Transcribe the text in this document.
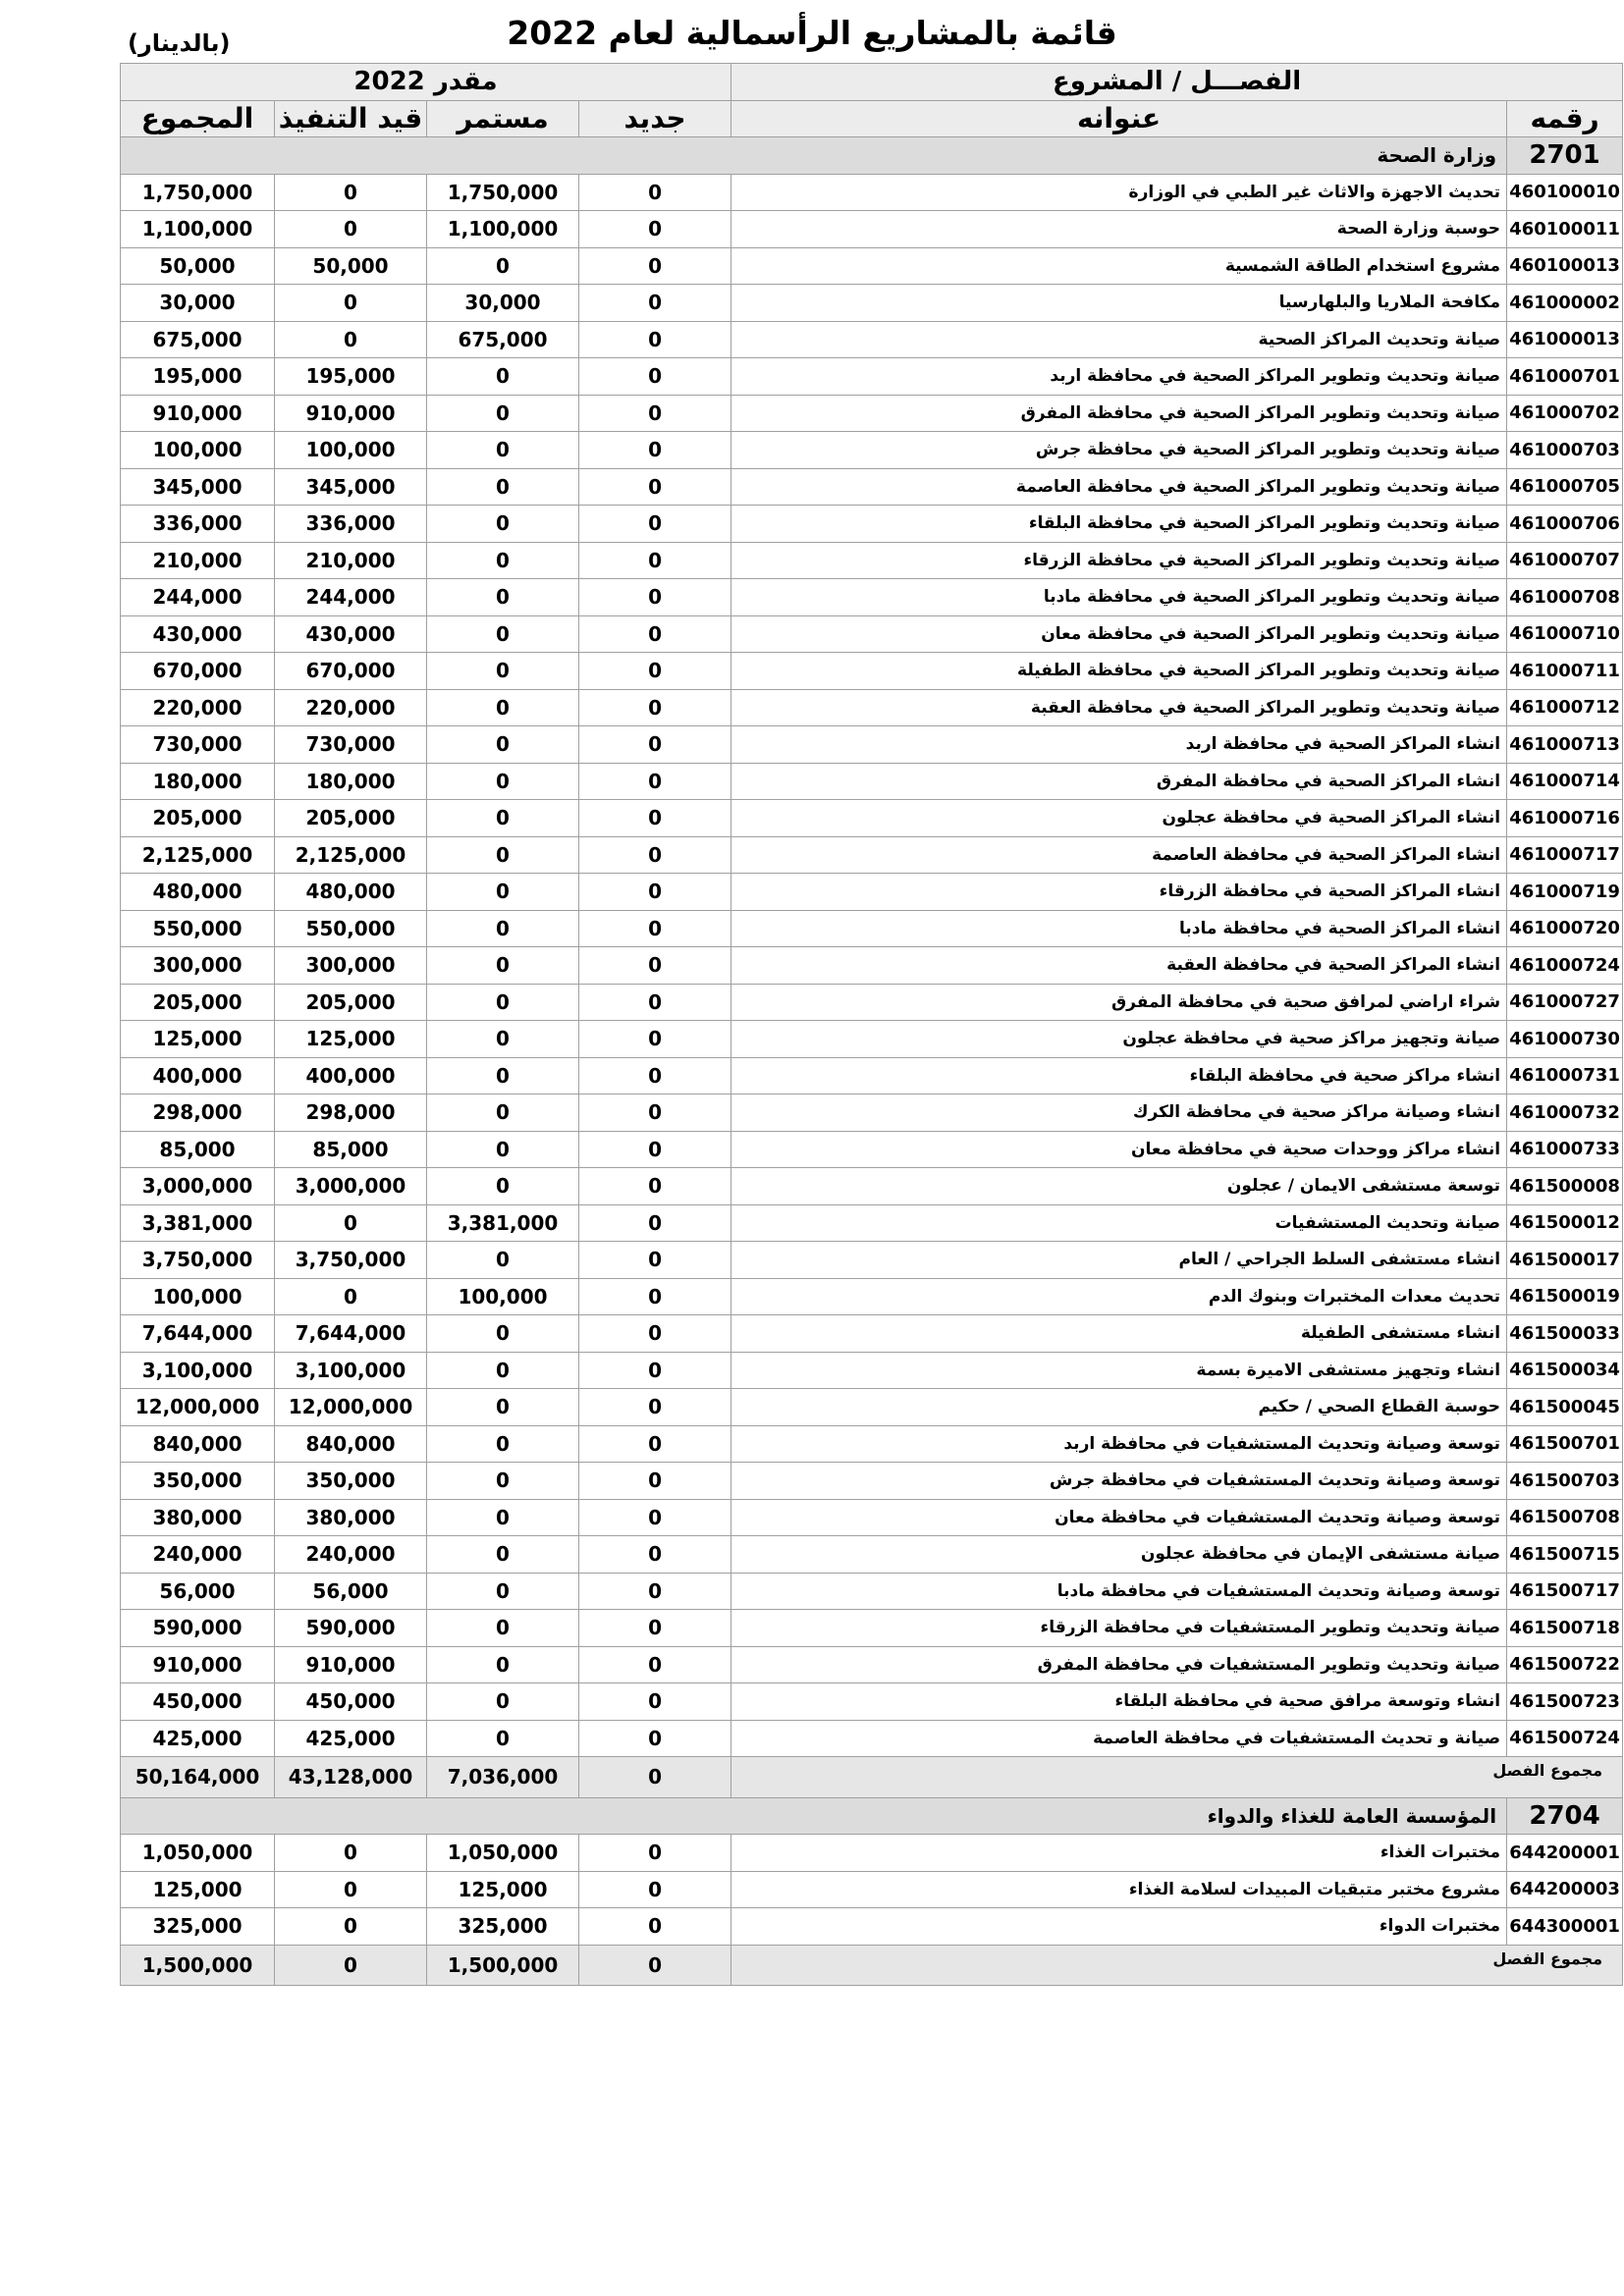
قائمة بالمشاريع الرأسمالية لعام 2022
(بالدينار)
مقدر 2022				الفصـــل / المشروع	
المجموع	قيد التنفيذ	مستمر	جديد	عنوانه	رقمه
وزارة الصحة					2701
1,750,000	0	1,750,000	0	تحديث الاجهزة والاثاث غير الطبي في الوزارة	460100010
1,100,000	0	1,100,000	0	حوسبة وزارة الصحة	460100011
50,000	50,000	0	0	مشروع استخدام الطاقة الشمسية	460100013
30,000	0	30,000	0	مكافحة الملاريا والبلهارسيا	461000002
675,000	0	675,000	0	صيانة وتحديث المراكز الصحية	461000013
195,000	195,000	0	0	صيانة وتحديث وتطوير المراكز الصحية في محافظة اربد	461000701
910,000	910,000	0	0	صيانة وتحديث وتطوير المراكز الصحية في محافظة المفرق	461000702
100,000	100,000	0	0	صيانة وتحديث وتطوير المراكز الصحية في محافظة جرش	461000703
345,000	345,000	0	0	صيانة وتحديث وتطوير المراكز الصحية في محافظة العاصمة	461000705
336,000	336,000	0	0	صيانة وتحديث وتطوير المراكز الصحية في محافظة البلقاء	461000706
210,000	210,000	0	0	صيانة وتحديث وتطوير المراكز الصحية في محافظة الزرقاء	461000707
244,000	244,000	0	0	صيانة وتحديث وتطوير المراكز الصحية في محافظة مادبا	461000708
430,000	430,000	0	0	صيانة وتحديث وتطوير المراكز الصحية في محافظة معان	461000710
670,000	670,000	0	0	صيانة وتحديث وتطوير المراكز الصحية في محافظة الطفيلة	461000711
220,000	220,000	0	0	صيانة وتحديث وتطوير المراكز الصحية في محافظة العقبة	461000712
730,000	730,000	0	0	انشاء المراكز الصحية في محافظة اربد	461000713
180,000	180,000	0	0	انشاء المراكز الصحية في محافظة المفرق	461000714
205,000	205,000	0	0	انشاء المراكز الصحية في محافظة عجلون	461000716
2,125,000	2,125,000	0	0	انشاء المراكز الصحية في محافظة العاصمة	461000717
480,000	480,000	0	0	انشاء المراكز الصحية في محافظة الزرقاء	461000719
550,000	550,000	0	0	انشاء المراكز الصحية في محافظة مادبا	461000720
300,000	300,000	0	0	انشاء المراكز الصحية في محافظة العقبة	461000724
205,000	205,000	0	0	شراء اراضي لمرافق صحية في محافظة المفرق	461000727
125,000	125,000	0	0	صيانة وتجهيز مراكز صحية في محافظة عجلون	461000730
400,000	400,000	0	0	انشاء مراكز صحية في محافظة البلقاء	461000731
298,000	298,000	0	0	انشاء وصيانة مراكز صحية في محافظة الكرك	461000732
85,000	85,000	0	0	انشاء مراكز ووحدات صحية في محافظة معان	461000733
3,000,000	3,000,000	0	0	توسعة مستشفى الايمان / عجلون	461500008
3,381,000	0	3,381,000	0	صيانة وتحديث المستشفيات	461500012
3,750,000	3,750,000	0	0	انشاء مستشفى السلط الجراحي / العام	461500017
100,000	0	100,000	0	تحديث معدات المختبرات وبنوك الدم	461500019
7,644,000	7,644,000	0	0	انشاء مستشفى الطفيلة	461500033
3,100,000	3,100,000	0	0	انشاء وتجهيز مستشفى الاميرة بسمة	461500034
12,000,000	12,000,000	0	0	حوسبة القطاع الصحي / حكيم	461500045
840,000	840,000	0	0	توسعة وصيانة وتحديث المستشفيات في محافظة اربد	461500701
350,000	350,000	0	0	توسعة وصيانة وتحديث المستشفيات في محافظة جرش	461500703
380,000	380,000	0	0	توسعة وصيانة وتحديث المستشفيات في محافظة معان	461500708
240,000	240,000	0	0	صيانة مستشفى الإيمان في محافظة عجلون	461500715
56,000	56,000	0	0	توسعة وصيانة وتحديث المستشفيات في محافظة مادبا	461500717
590,000	590,000	0	0	صيانة وتحديث وتطوير المستشفيات في محافظة الزرقاء	461500718
910,000	910,000	0	0	صيانة وتحديث وتطوير المستشفيات في محافظة المفرق	461500722
450,000	450,000	0	0	انشاء وتوسعة مرافق صحية في محافظة البلقاء	461500723
425,000	425,000	0	0	صيانة و تحديث المستشفيات في محافظة العاصمة	461500724
50,164,000	43,128,000	7,036,000	0	مجموع الفصل	
المؤسسة العامة للغذاء والدواء					2704
1,050,000	0	1,050,000	0	مختبرات الغذاء	644200001
125,000	0	125,000	0	مشروع مختبر متبقيات المبيدات لسلامة الغذاء	644200003
325,000	0	325,000	0	مختبرات الدواء	644300001
1,500,000	0	1,500,000	0	مجموع الفصل	
